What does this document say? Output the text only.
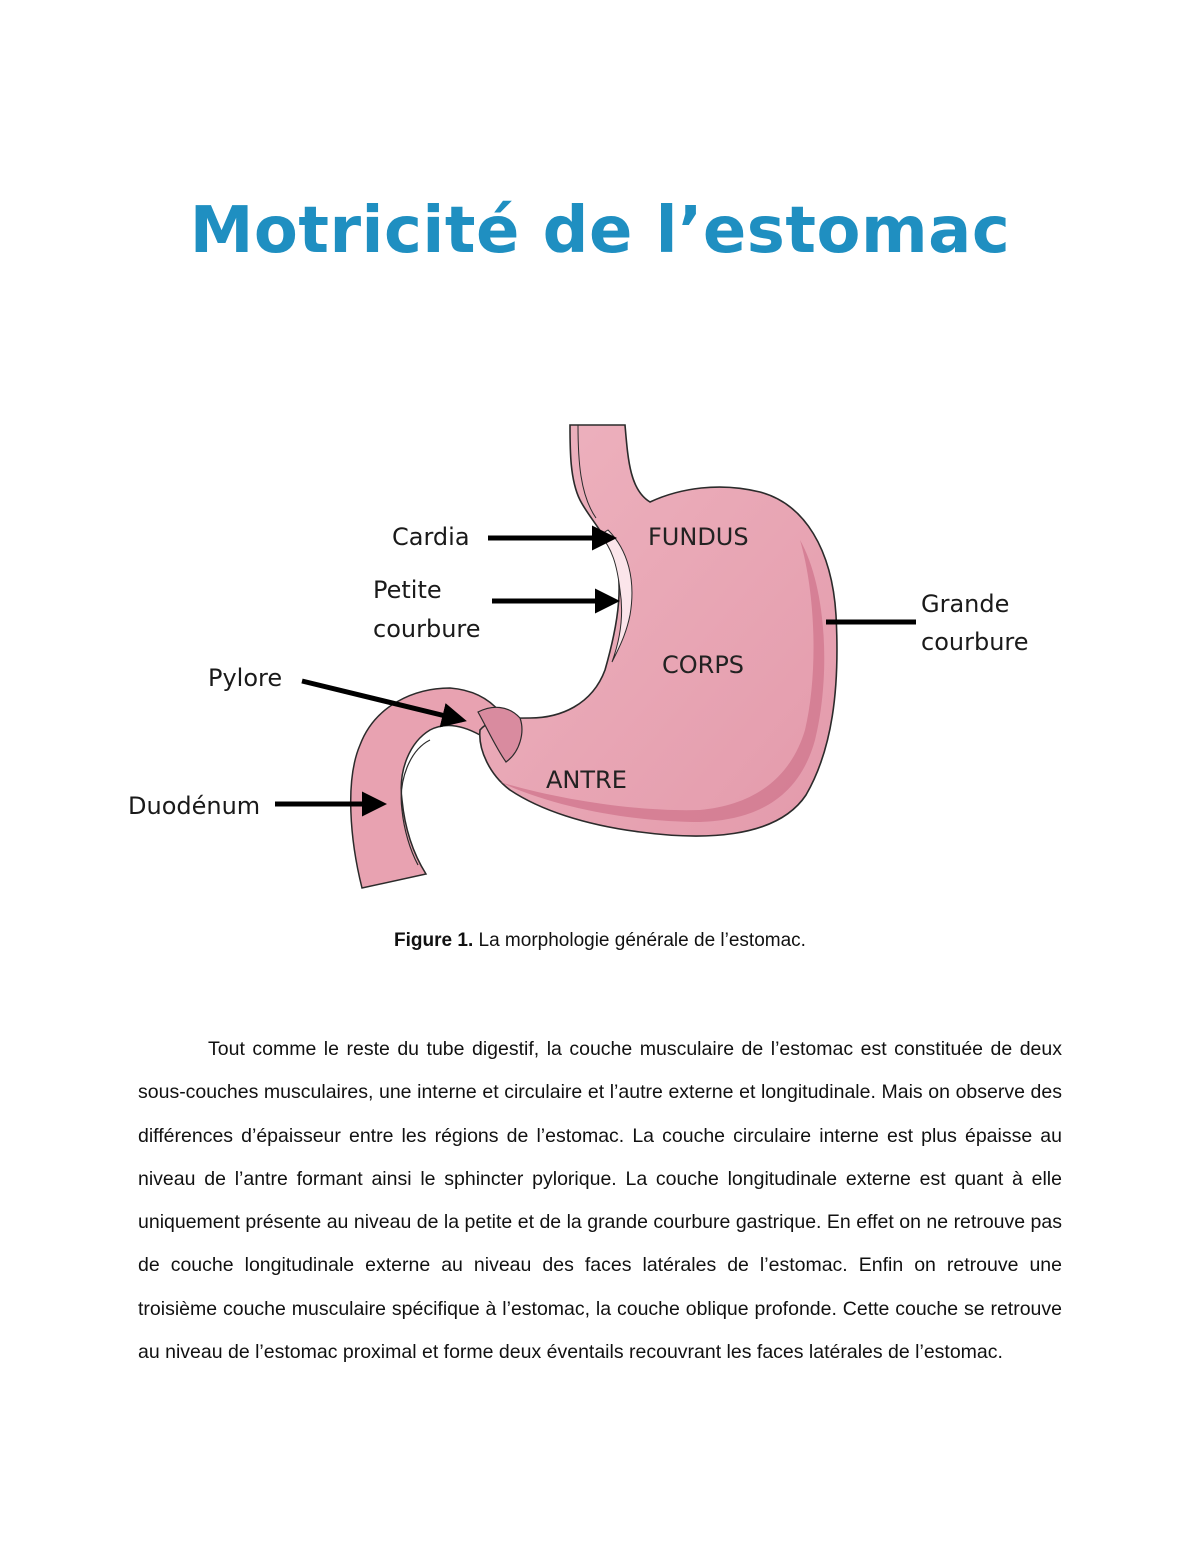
Motricité de l’estomac
FUNDUS
CORPS
ANTRE
Cardia
Petite
courbure
Pylore
Duodénum
Grande
courbure
Figure 1. La morphologie générale de l’estomac.

Tout comme le reste du tube digestif, la couche musculaire de l’estomac est constituée de deux sous-couches musculaires, une interne et circulaire et l’autre externe et longitudinale. Mais on observe des différences d’épaisseur entre les régions de l’estomac. La couche circulaire interne est plus épaisse au niveau de l’antre formant ainsi le sphincter pylorique. La couche longitudinale externe est quant à elle uniquement présente au niveau de la petite et de la grande courbure gastrique. En effet on ne retrouve pas de couche longitudinale externe au niveau des faces latérales de l’estomac. Enfin on retrouve une troisième couche musculaire spécifique à l’estomac, la couche oblique profonde. Cette couche se retrouve au niveau de l’estomac proximal et forme deux éventails recouvrant les faces latérales de l’estomac.
